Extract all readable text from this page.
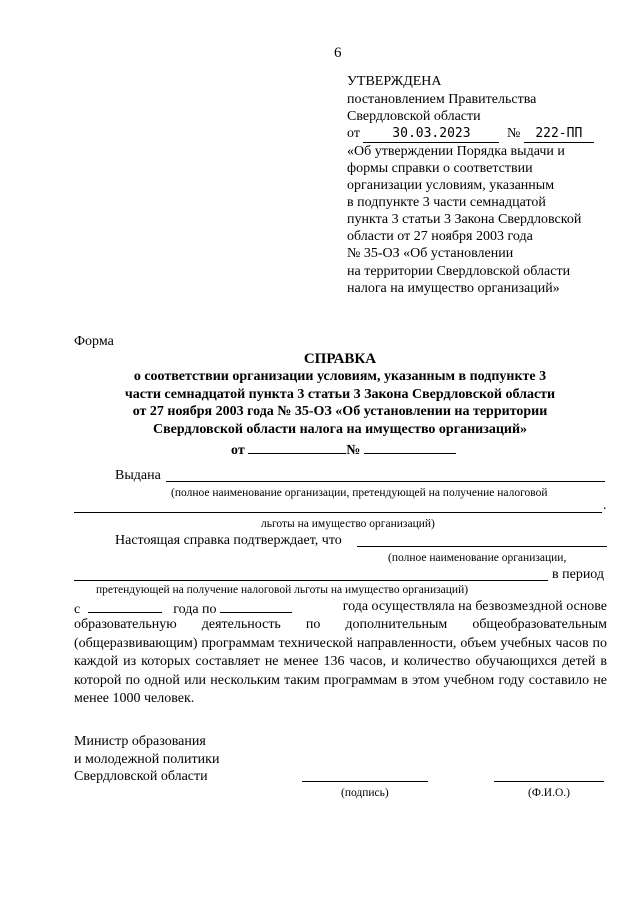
6
УТВЕРЖДЕНА
постановлением Правительства
Свердловской области
от 30.03.2023	№ 222-ПП
«Об утверждении Порядка выдачи и
формы справки о соответствии
организации условиям, указанным
в подпункте 3 части семнадцатой
пункта 3 статьи 3 Закона Свердловской
области от 27 ноября 2003 года
№ 35-ОЗ «Об установлении
на территории Свердловской области
налога на имущество организаций»
Форма
СПРАВКА
о соответствии организации условиям, указанным в подпункте 3
части семнадцатой пункта 3 статьи 3 Закона Свердловской области
от 27 ноября 2003 года № 35-ОЗ «Об установлении на территории
Свердловской области налога на имущество организаций»
от	№
Выдана
(полное наименование организации, претендующей на получение налоговой
.
льготы на имущество организаций)
Настоящая справка подтверждает, что
(полное наименование организации,
в период
претендующей на получение налоговой льготы на имущество организаций)
с	года по	года осуществляла на безвозмездной основе
образовательную деятельность по дополнительным общеобразовательным (общеразвивающим) программам технической направленности, объем учебных часов по каждой из которых составляет не менее 136 часов, и количество обучающихся детей в которой по одной или нескольким таким программам в этом учебном году составило не менее 1000 человек.
Министр образования
и молодежной политики
Свердловской области
(подпись)	(Ф.И.О.)
